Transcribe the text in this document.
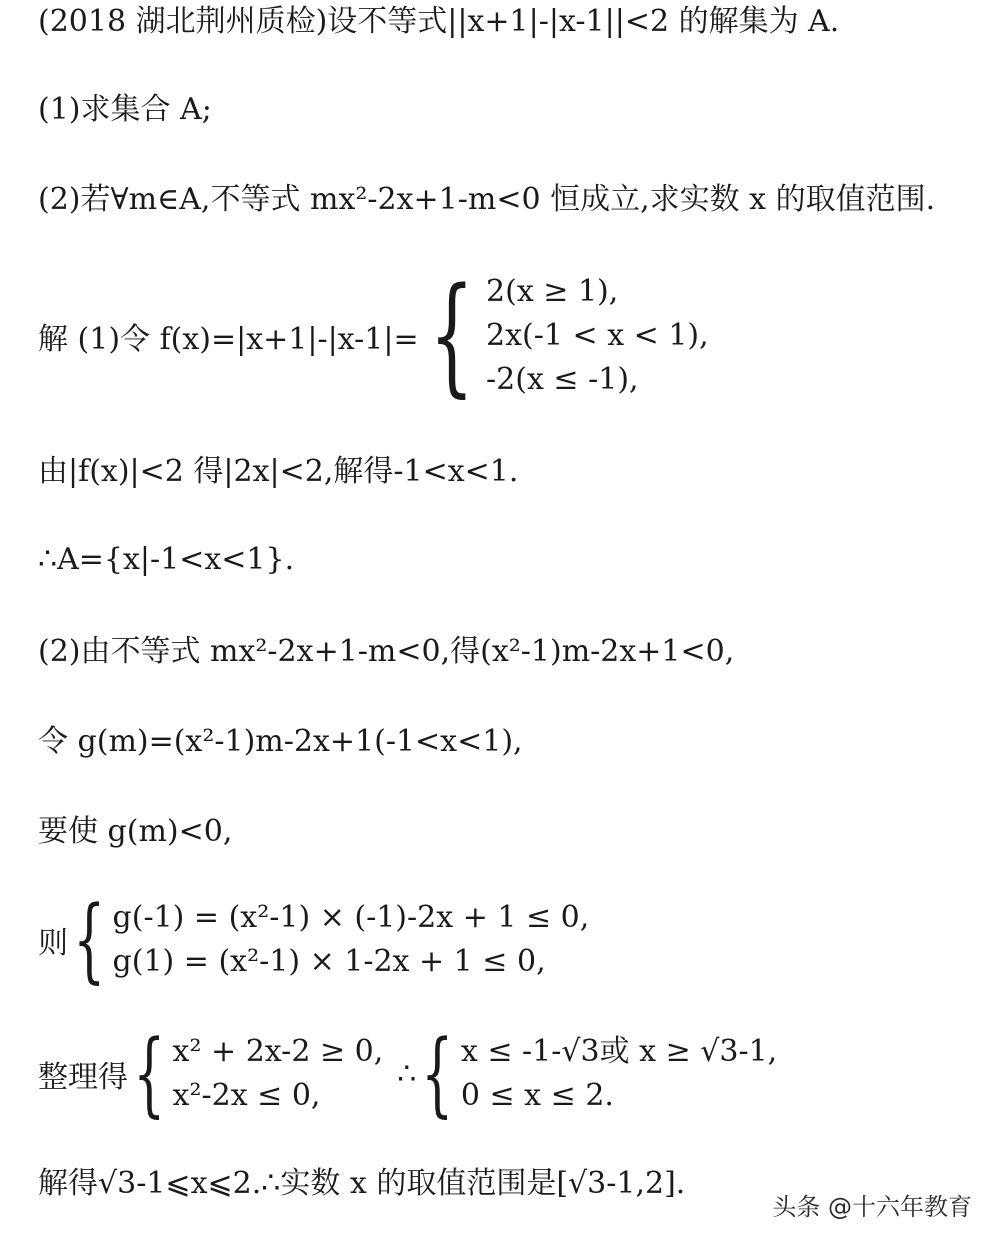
(2018 湖北荆州质检)设不等式||x+1|-|x-1||<2 的解集为 A.
(1)求集合 A;
(2)若∀m∈A,不等式 mx²-2x+1-m<0 恒成立,求实数 x 的取值范围.
解 (1)令 f(x)=|x+1|-|x-1|= { 2(x ≥ 1),
2x(-1 < x < 1),
-2(x ≤ -1),
由|f(x)|<2 得|2x|<2,解得-1<x<1.
∴A={x|-1<x<1}.
(2)由不等式 mx²-2x+1-m<0,得(x²-1)m-2x+1<0,
令 g(m)=(x²-1)m-2x+1(-1<x<1),
要使 g(m)<0,
则 { g(-1) = (x²-1) × (-1)-2x + 1 ≤ 0,
g(1) = (x²-1) × 1-2x + 1 ≤ 0,
整理得 { x² + 2x-2 ≥ 0,
x²-2x ≤ 0,
∴ { x ≤ -1-√3或 x ≥ √3-1,
0 ≤ x ≤ 2.
解得√3-1⩽x⩽2.∴实数 x 的取值范围是[√3-1,2].
头条 @十六年教育
